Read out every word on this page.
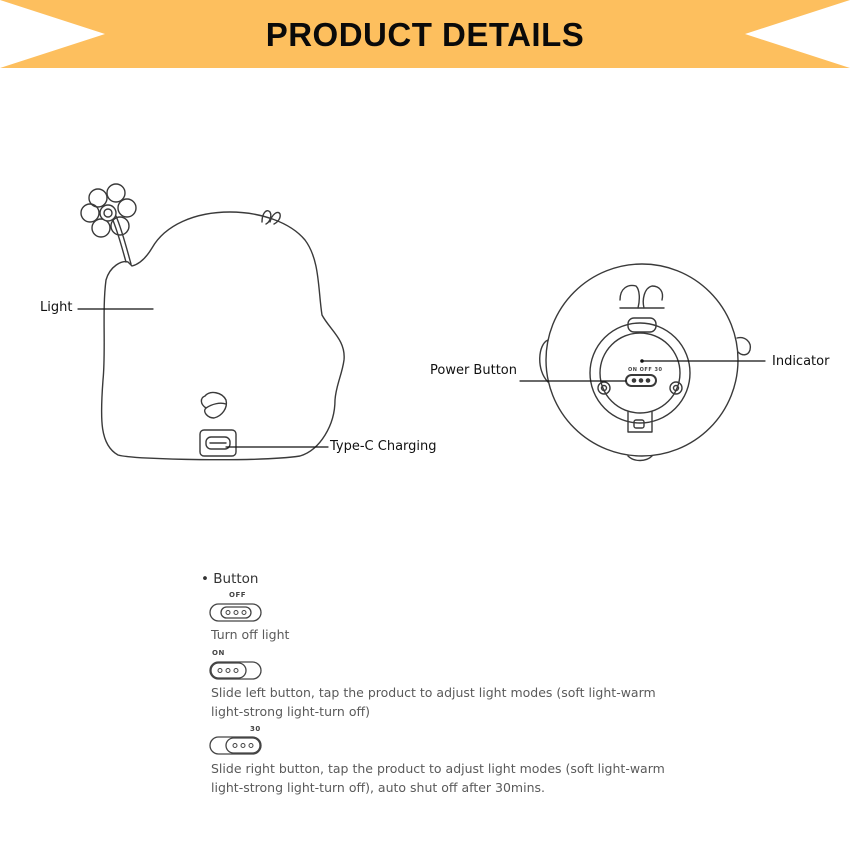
PRODUCT DETAILS
Light
Type-C Charging
Power Button
Indicator
ON OFF 30
• Button
OFF
Turn off light
ON
Slide left button, tap the product to adjust light modes (soft light-warm light-strong light-turn off)
30
Slide right button, tap the product to adjust light modes (soft light-warm light-strong light-turn off), auto shut off after 30mins.
